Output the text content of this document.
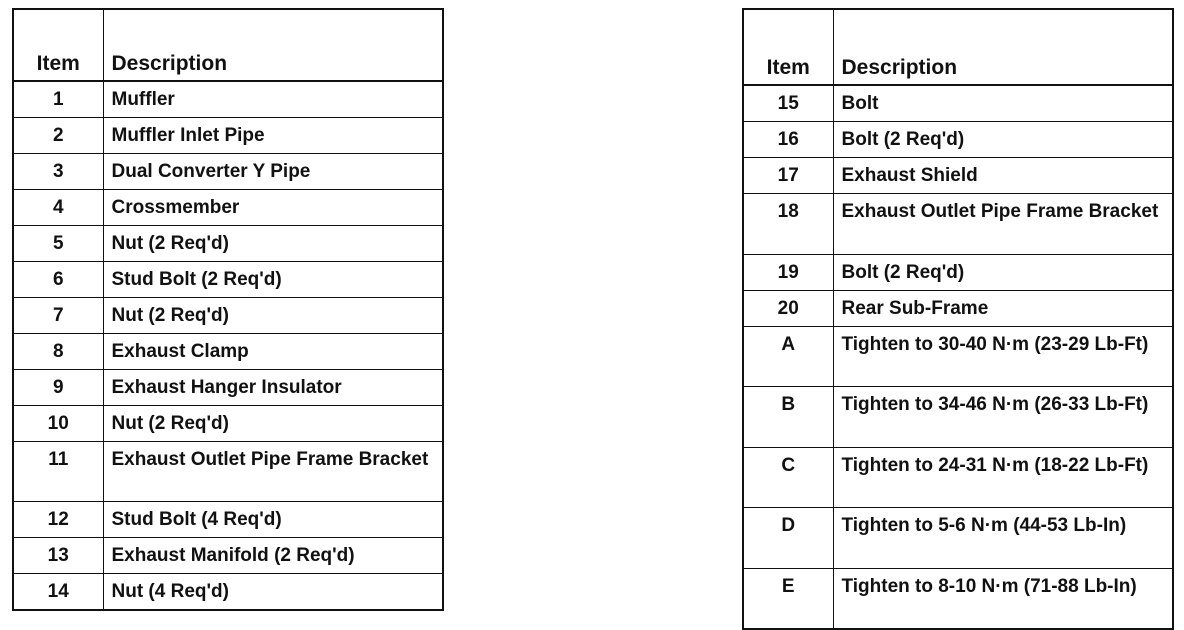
Item	Description
1	Muffler
2	Muffler Inlet Pipe
3	Dual Converter Y Pipe
4	Crossmember
5	Nut (2 Req'd)
6	Stud Bolt (2 Req'd)
7	Nut (2 Req'd)
8	Exhaust Clamp
9	Exhaust Hanger Insulator
10	Nut (2 Req'd)
11	Exhaust Outlet Pipe Frame Bracket
12	Stud Bolt (4 Req'd)
13	Exhaust Manifold (2 Req'd)
14	Nut (4 Req'd)
Item	Description
15	Bolt
16	Bolt (2 Req'd)
17	Exhaust Shield
18	Exhaust Outlet Pipe Frame Bracket
19	Bolt (2 Req'd)
20	Rear Sub-Frame
A	Tighten to 30-40 N·m (23-29 Lb-Ft)
B	Tighten to 34-46 N·m (26-33 Lb-Ft)
C	Tighten to 24-31 N·m (18-22 Lb-Ft)
D	Tighten to 5-6 N·m (44-53 Lb-In)
E	Tighten to 8-10 N·m (71-88 Lb-In)
